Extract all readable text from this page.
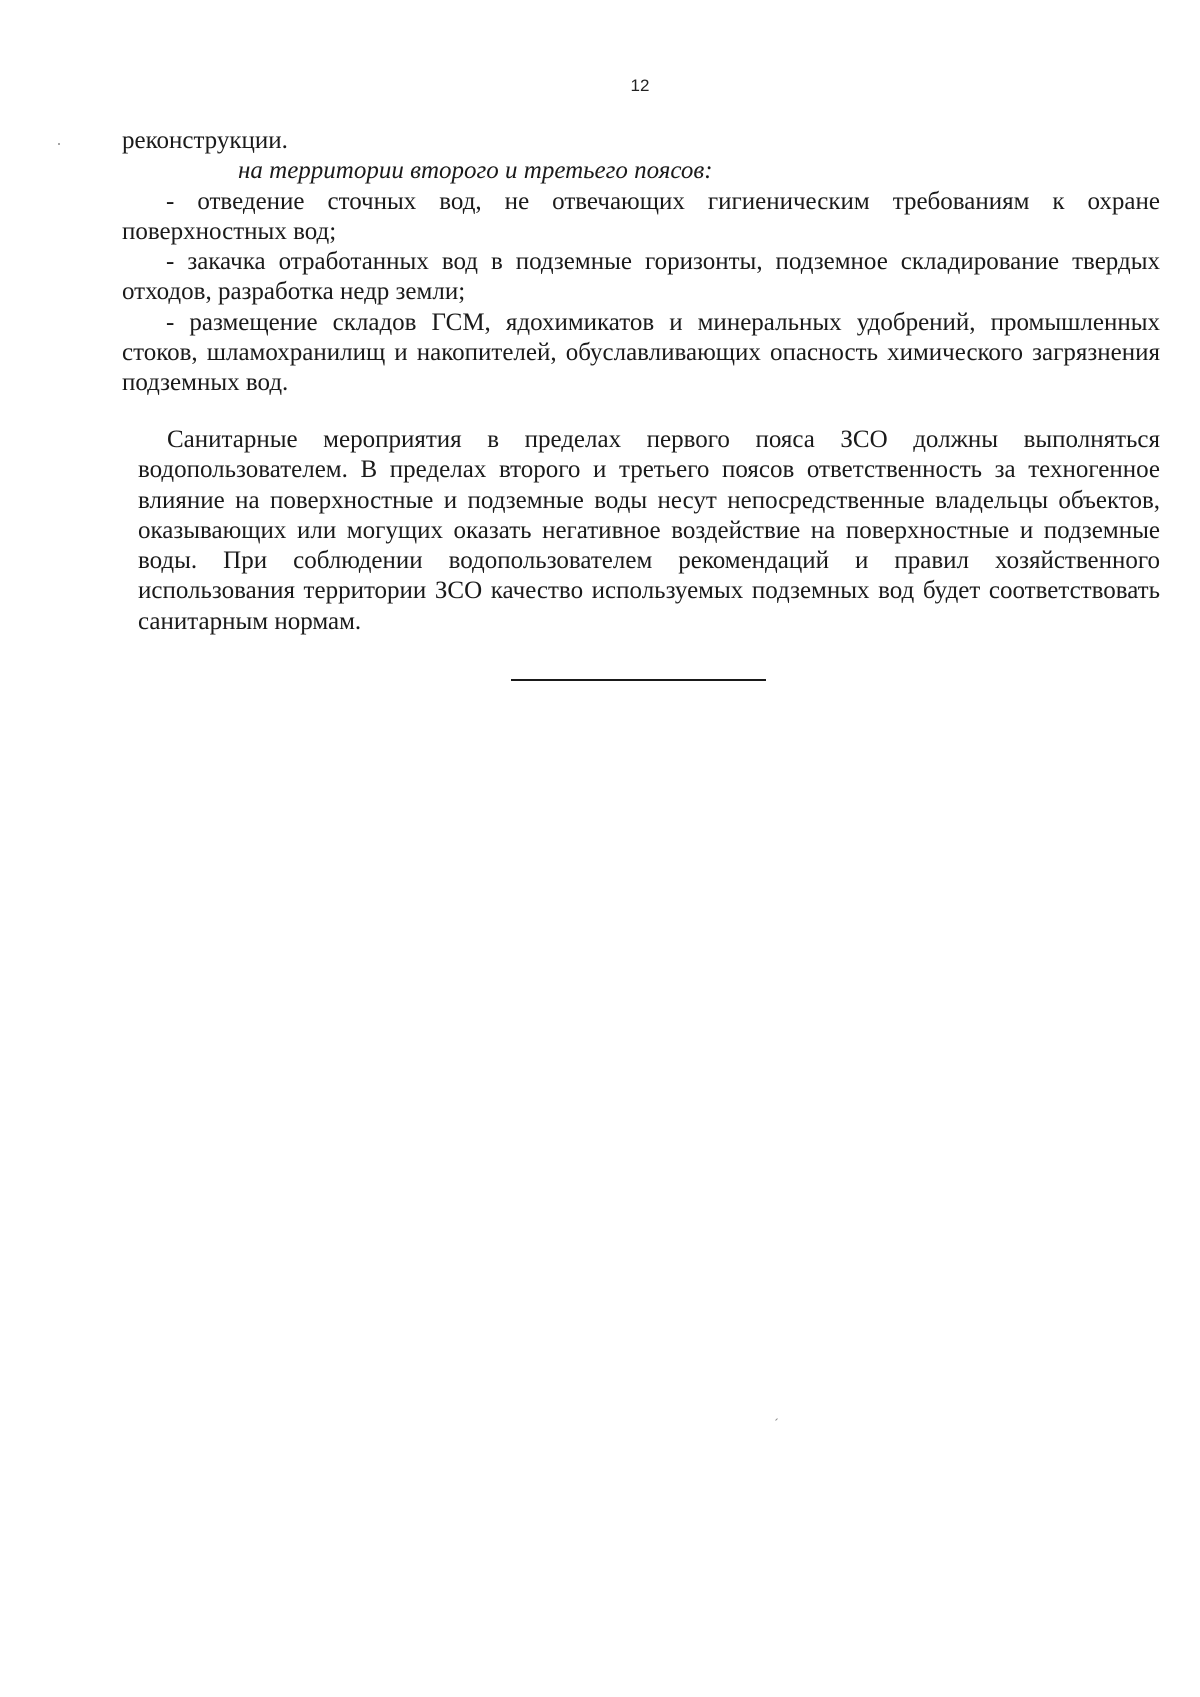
12

реконструкции.

на территории второго и третьего поясов:

- отведение сточных вод, не отвечающих гигиеническим требованиям к охране поверхностных вод;

- закачка отработанных вод в подземные горизонты, подземное складирование твердых отходов, разработка недр земли;

- размещение складов ГСМ, ядохимикатов и минеральных удобрений, промышленных стоков, шламохранилищ и накопителей, обуславливающих опасность химического загрязнения подземных вод.

Санитарные мероприятия в пределах первого пояса ЗСО должны выполняться водопользователем. В пределах второго и третьего поясов ответственность за техногенное влияние на поверхностные и подземные воды несут непосредственные владельцы объектов, оказывающих или могущих оказать негативное воздействие на поверхностные и подземные воды. При соблюдении водопользователем рекомендаций и правил хозяйственного использования территории ЗСО качество используемых подземных вод будет соответствовать санитарным нормам.
